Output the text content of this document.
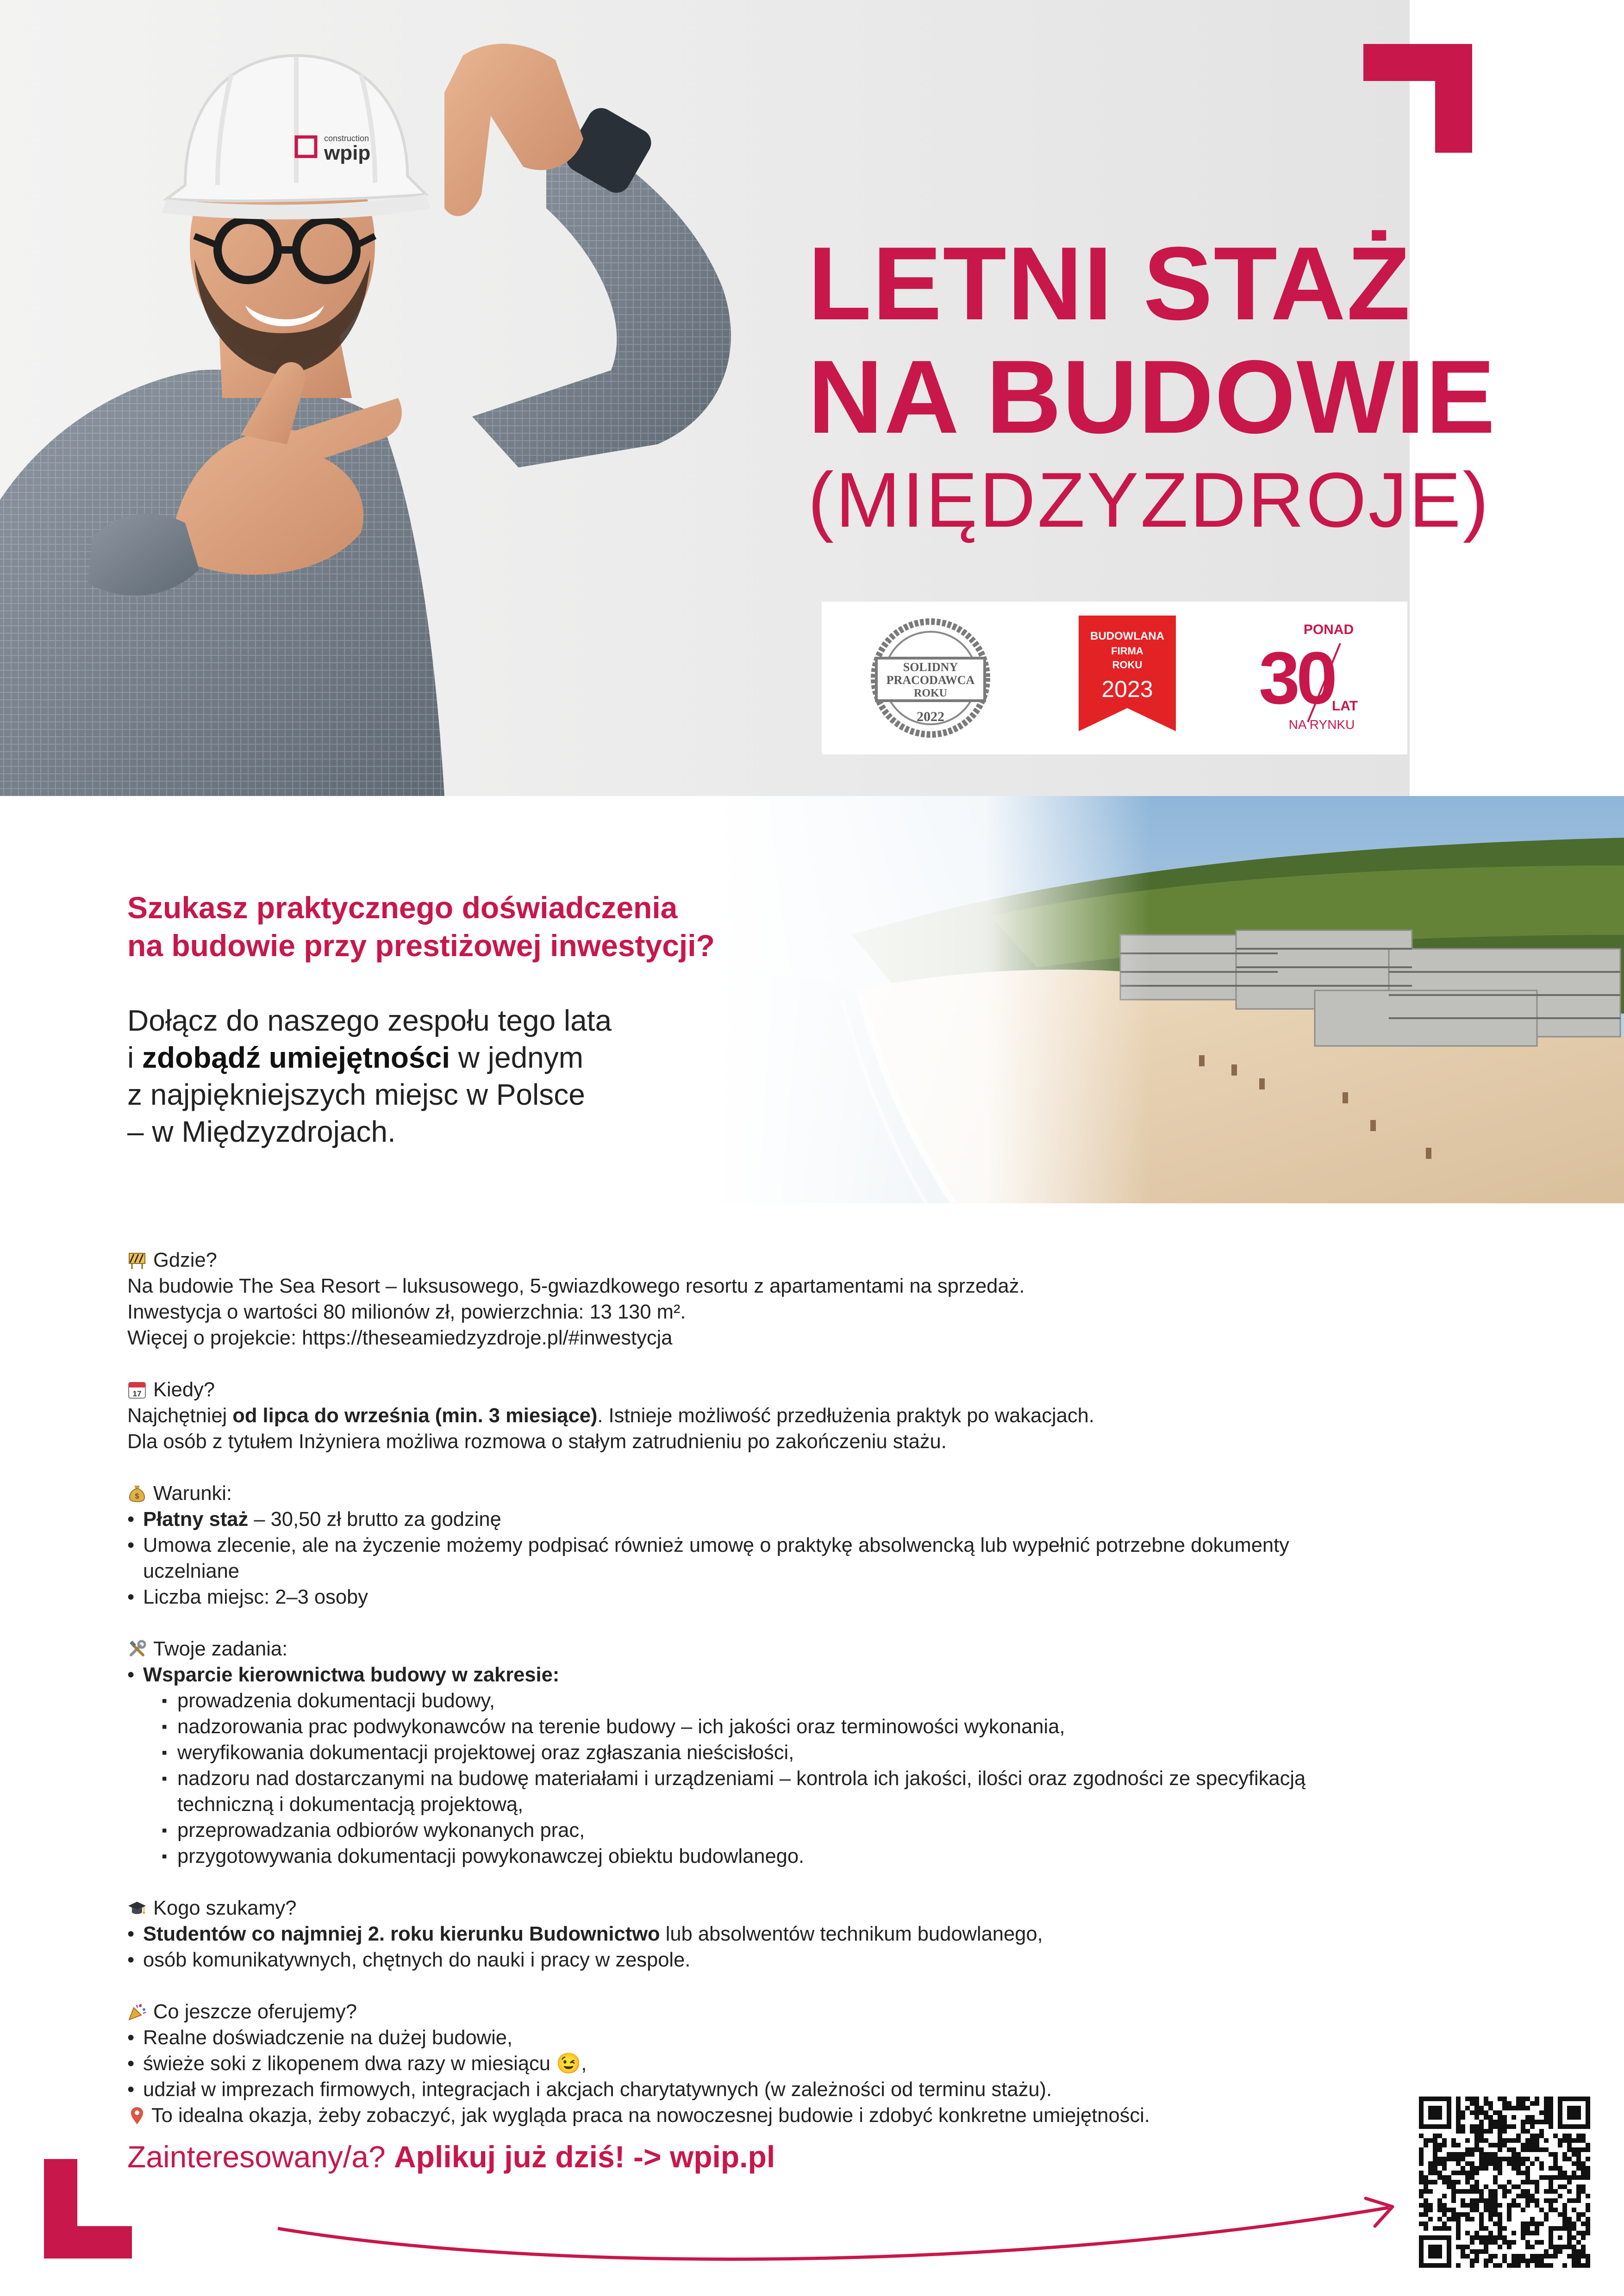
construction
wpip
LETNI STAŻ
NA BUDOWIE
(MIĘDZYZDROJE)
SOLIDNY
PRACODAWCA
ROKU
2022
BUDOWLANA
FIRMA
ROKU
2023
PONAD
30
LAT
NA RYNKU
Szukasz praktycznego doświadczenia
na budowie przy prestiżowej inwestycji?
Dołącz do naszego zespołu tego lata
i zdobądź umiejętności w jednym
z najpiękniejszych miejsc w Polsce
– w Międzyzdrojach.
Gdzie?
Na budowie The Sea Resort – luksusowego, 5-gwiazdkowego resortu z apartamentami na sprzedaż.
Inwestycja o wartości 80 milionów zł, powierzchnia: 13 130 m².
Więcej o projekcie: https://theseamiedzyzdroje.pl/#inwestycja
17 Kiedy?
Najchętniej od lipca do września (min. 3 miesiące). Istnieje możliwość przedłużenia praktyk po wakacjach.
Dla osób z tytułem Inżyniera możliwa rozmowa o stałym zatrudnieniu po zakończeniu stażu.
$ Warunki:
• Płatny staż – 30,50 zł brutto za godzinę
• Umowa zlecenie, ale na życzenie możemy podpisać również umowę o praktykę absolwencką lub wypełnić potrzebne dokumenty
uczelniane
• Liczba miejsc: 2–3 osoby
Twoje zadania:
• Wsparcie kierownictwa budowy w zakresie:
▪ prowadzenia dokumentacji budowy,
▪ nadzorowania prac podwykonawców na terenie budowy – ich jakości oraz terminowości wykonania,
▪ weryfikowania dokumentacji projektowej oraz zgłaszania nieścisłości,
▪ nadzoru nad dostarczanymi na budowę materiałami i urządzeniami – kontrola ich jakości, ilości oraz zgodności ze specyfikacją
techniczną i dokumentacją projektową,
▪ przeprowadzania odbiorów wykonanych prac,
▪ przygotowywania dokumentacji powykonawczej obiektu budowlanego.
Kogo szukamy?
• Studentów co najmniej 2. roku kierunku Budownictwo lub absolwentów technikum budowlanego,
• osób komunikatywnych, chętnych do nauki i pracy w zespole.
Co jeszcze oferujemy?
• Realne doświadczenie na dużej budowie,
• świeże soki z likopenem dwa razy w miesiącu 😉,
• udział w imprezach firmowych, integracjach i akcjach charytatywnych (w zależności od terminu stażu).
To idealna okazja, żeby zobaczyć, jak wygląda praca na nowoczesnej budowie i zdobyć konkretne umiejętności.
Zainteresowany/a? Aplikuj już dziś! -> wpip.pl
